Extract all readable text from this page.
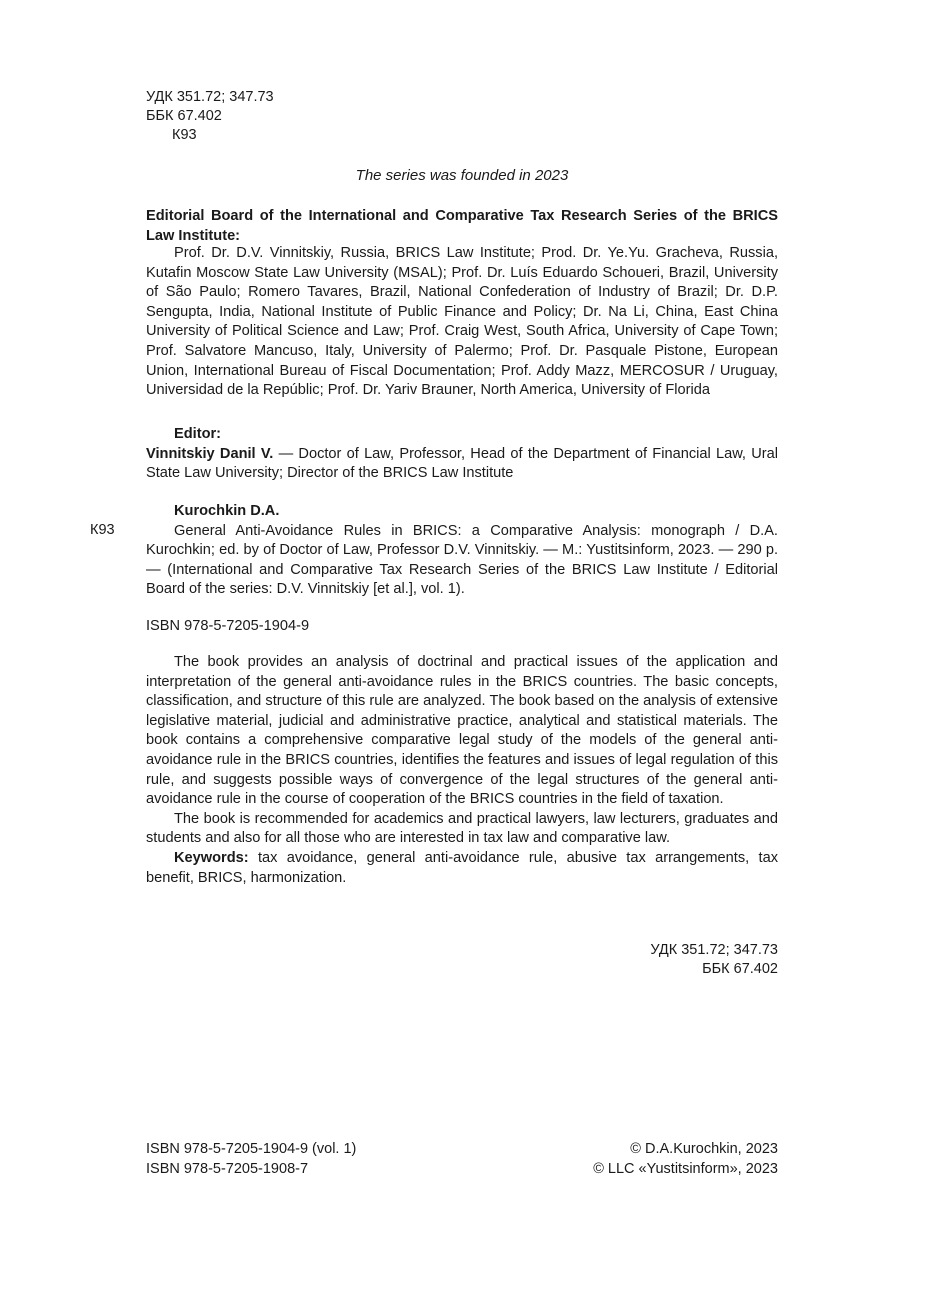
УДК 351.72; 347.73
ББК 67.402
К93
The series was founded in 2023
Editorial Board of the International and Comparative Tax Research Series of the BRICS Law Institute:
Prof. Dr. D.V. Vinnitskiy, Russia, BRICS Law Institute; Prod. Dr. Ye.Yu. Gracheva, Russia, Kutafin Moscow State Law University (MSAL); Prof. Dr. Luís Eduardo Schoueri, Brazil, University of São Paulo; Romero Tavares, Brazil, National Confederation of Industry of Brazil; Dr. D.P. Sengupta, India, National Institute of Public Finance and Policy; Dr. Na Li, China, East China University of Political Science and Law; Prof. Craig West, South Africa, University of Cape Town; Prof. Salvatore Mancuso, Italy, University of Palermo; Prof. Dr. Pasquale Pistone, European Union, International Bureau of Fiscal Documentation; Prof. Addy Mazz, MERCOSUR / Uruguay, Universidad de la Repúblic; Prof. Dr. Yariv Brauner, North America, University of Florida
Editor:
Vinnitskiy Danil V. — Doctor of Law, Professor, Head of the Department of Financial Law, Ural State Law University; Director of the BRICS Law Institute
К93
Kurochkin D.A.
General Anti-Avoidance Rules in BRICS: a Comparative Analysis: monograph / D.A. Kurochkin; ed. by of Doctor of Law, Professor D.V. Vinnitskiy. — M.: Yustitsinform, 2023. — 290 p. — (International and Comparative Tax Research Series of the BRICS Law Institute / Editorial Board of the series: D.V. Vinnitskiy [et al.], vol. 1).
ISBN 978-5-7205-1904-9

The book provides an analysis of doctrinal and practical issues of the application and interpretation of the general anti-avoidance rules in the BRICS countries. The basic concepts, classification, and structure of this rule are analyzed. The book based on the analysis of extensive legislative material, judicial and administrative practice, analytical and statistical materials. The book contains a comprehensive comparative legal study of the models of the general anti-avoidance rule in the BRICS countries, identifies the features and issues of legal regulation of this rule, and suggests possible ways of convergence of the legal structures of the general anti-avoidance rule in the course of cooperation of the BRICS countries in the field of taxation.

The book is recommended for academics and practical lawyers, law lecturers, graduates and students and also for all those who are interested in tax law and comparative law.

Keywords: tax avoidance, general anti-avoidance rule, abusive tax arrangements, tax benefit, BRICS, harmonization.

УДК 351.72; 347.73
ББК 67.402
ISBN 978-5-7205-1904-9 (vol. 1)	© D.A.Kurochkin, 2023
ISBN 978-5-7205-1908-7	© LLC «Yustitsinform», 2023
